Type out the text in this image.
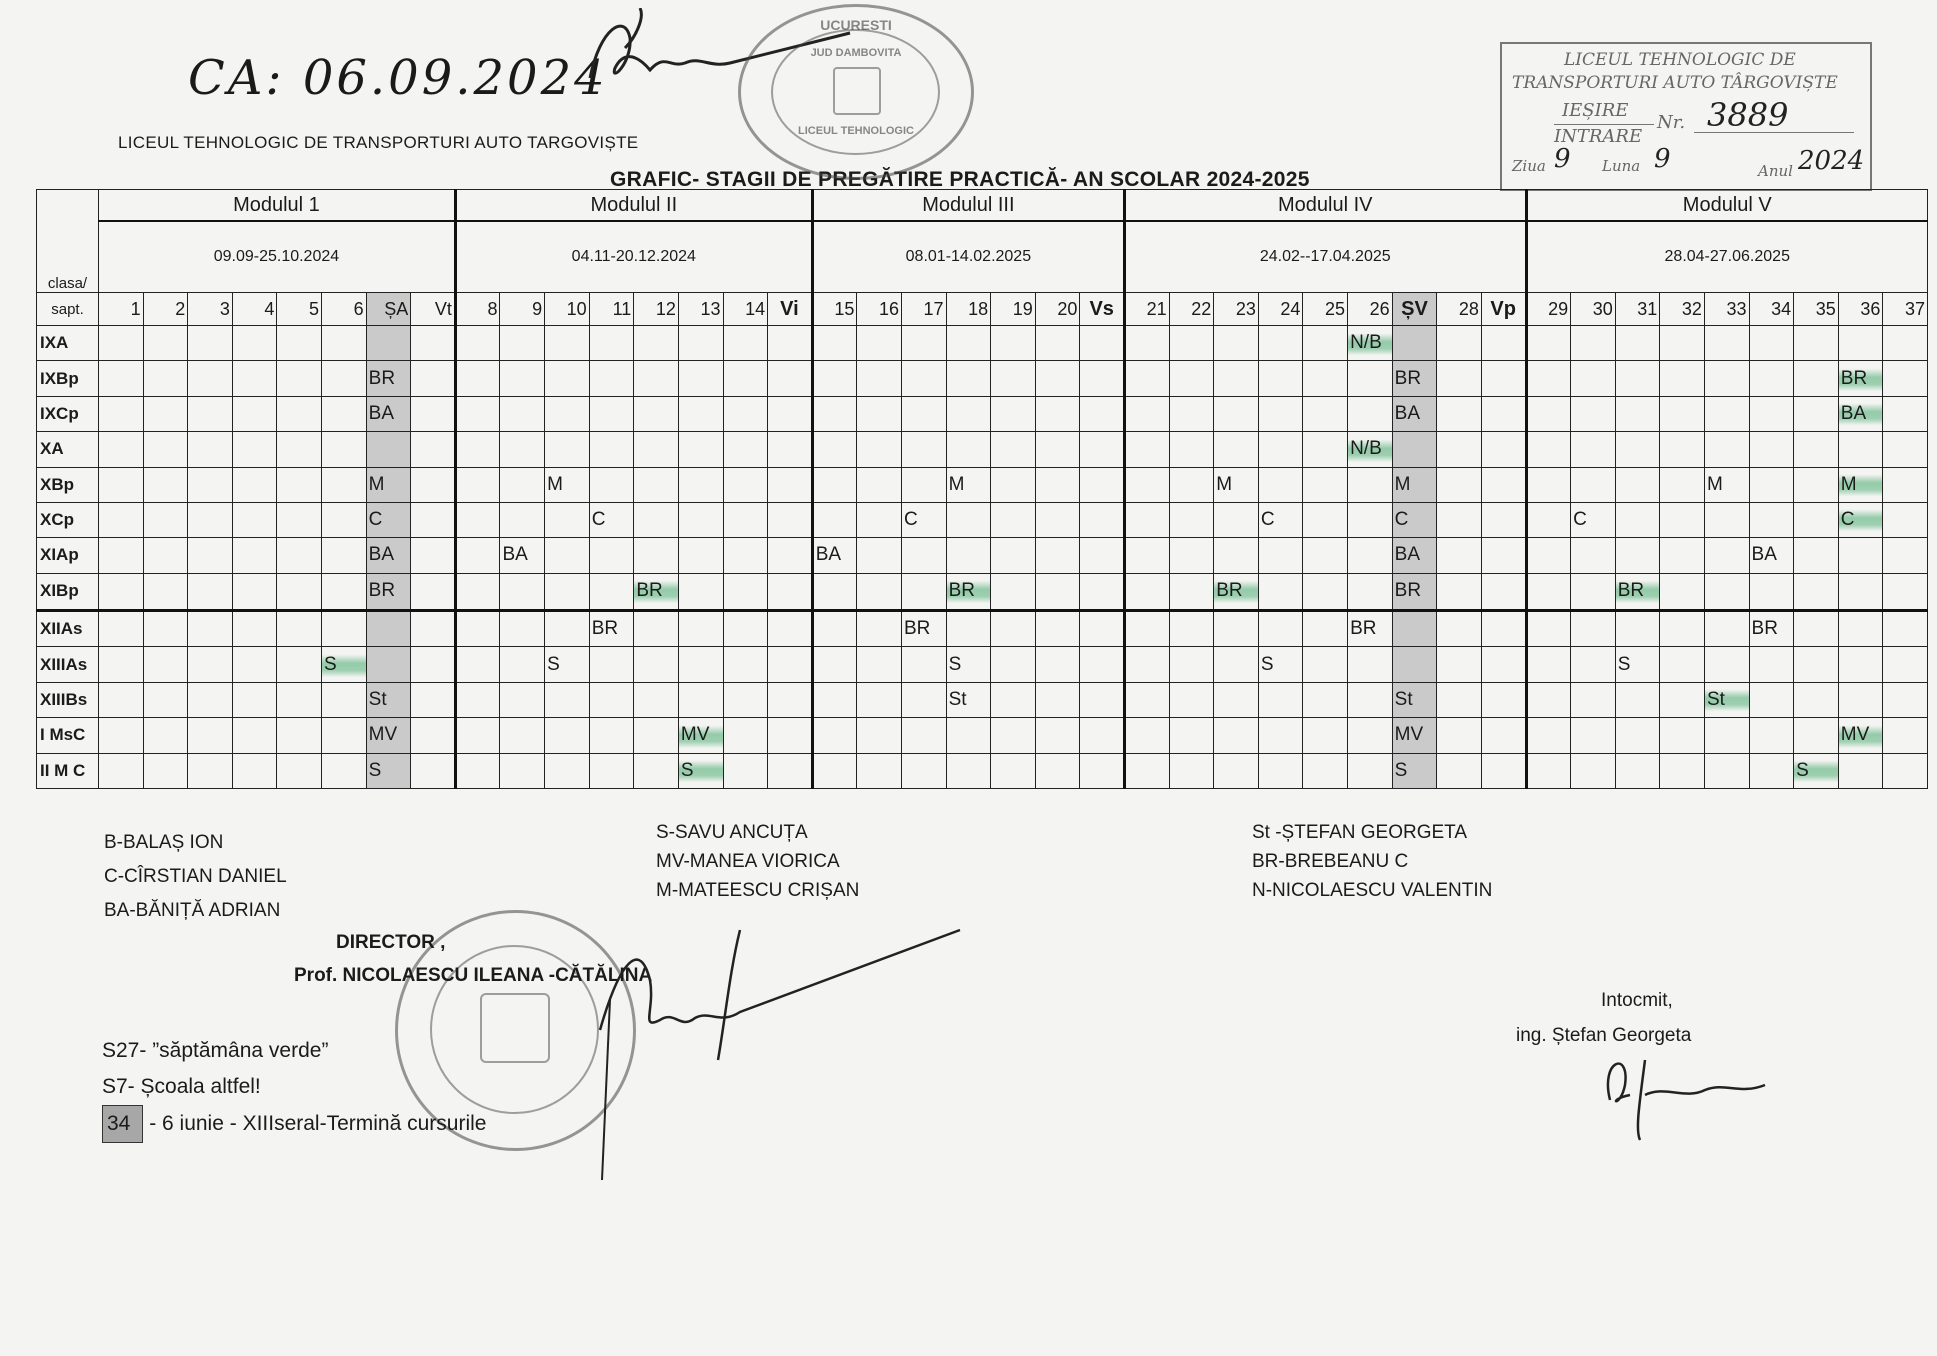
CA: 06.09.2024
LICEUL TEHNOLOGIC DE TRANSPORTURI AUTO TARGOVIȘTE
GRAFIC- STAGII DE PREGĂTIRE PRACTICĂ- AN SCOLAR 2024-2025
UCURESTI
LICEUL TEHNOLOGIC
JUD DAMBOVITA	LICEUL TEHNOLOGIC DE
TRANSPORTURI AUTO TÂRGOVIȘTE
IEȘIRE
INTRARE
Nr. 3889
Ziua 9 Luna 9	Anul 2024
clasa/	Modulul 1								Modulul II								Modulul III							Modulul IV									Modulul V								
	09.09-25.10.2024								04.11-20.12.2024								08.01-14.02.2025							24.02--17.04.2025									28.04-27.06.2025								
sapt.	1	2	3	4	5	6	ȘA	Vt	8	9	10	11	12	13	14	Vi	15	16	17	18	19	20	Vs	21	22	23	24	25	26	ȘV	28	Vp	29	30	31	32	33	34	35	36	37
IXA																													N/B												
IXBp							BR																							BR										BR	
IXCp							BA																							BA										BA	
XA																													N/B												
XBp							M				M									M						M				M							M			M	
XCp							C					C							C								C			C				C						C	
XIAp							BA			BA							BA													BA								BA			
XIBp							BR						BR							BR						BR				BR					BR						
XIIAs												BR							BR										BR									BR			
XIIIAs						S					S									S							S								S						
XIIIBs							St													St										St							St				
I MsC							MV							MV																MV										MV	
II M C							S							S																S									S		
B-BALAȘ ION
C-CÎRSTIAN DANIEL
BA-BĂNIȚĂ ADRIAN
S-SAVU ANCUȚA
MV-MANEA VIORICA
M-MATEESCU CRIȘAN
St -ȘTEFAN GEORGETA
BR-BREBEANU C
N-NICOLAESCU VALENTIN
DIRECTOR ,
Prof. NICOLAESCU ILEANA -CĂTĂLINA
S27- ”săptămâna verde”
S7- Școala altfel!
34 - 6 iunie - XIIIseral-Termină cursurile
Intocmit,
ing. Ștefan Georgeta
